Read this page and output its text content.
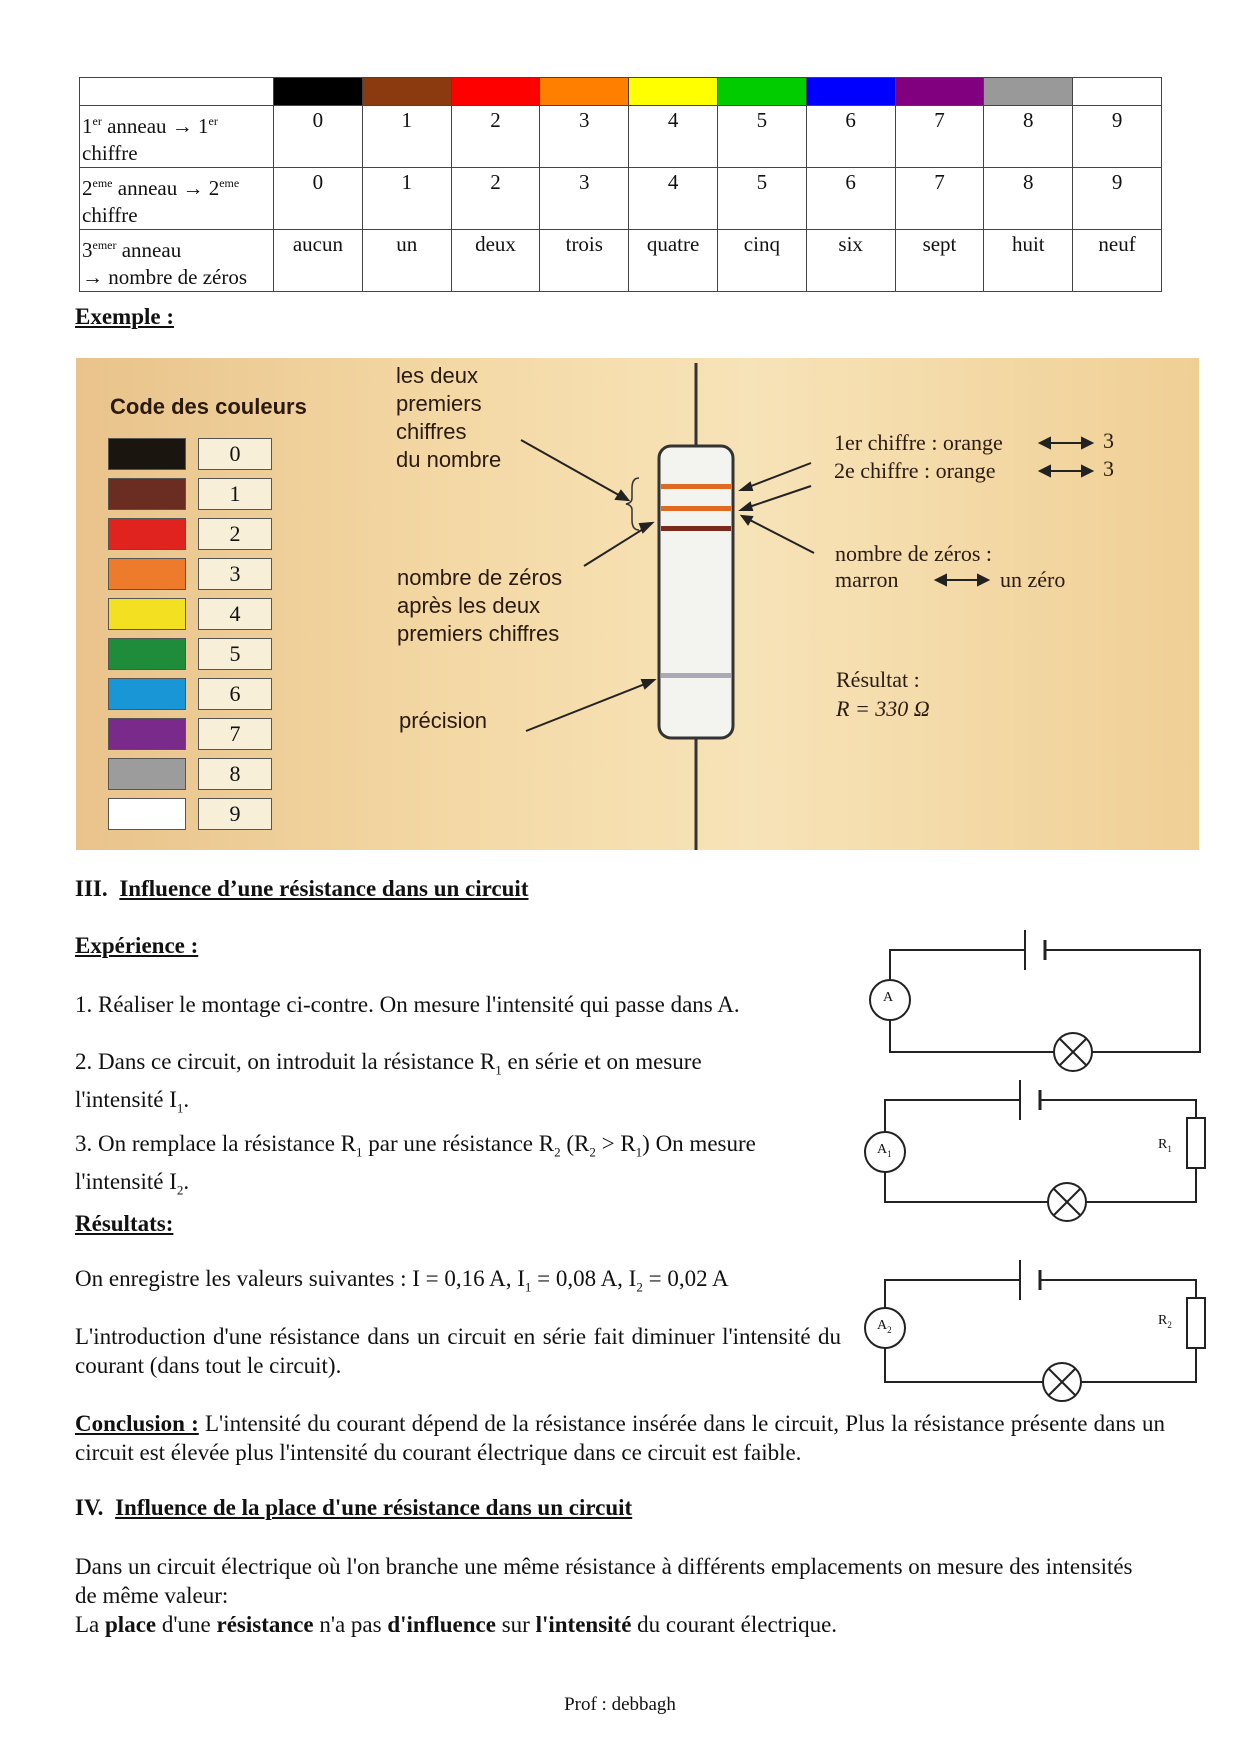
1er anneau → 1er
chiffre	0	1	2	3	4	5	6	7	8	9
2eme anneau → 2eme
chiffre	0	1	2	3	4	5	6	7	8	9
$3^{emer}$ anneau
→ nombre de zéros	aucun	un	deux	trois	quatre	cinq	six	sept	huit	neuf
Exemple :
Code des couleurs
0
1
2
3
4
5
6
7
8
9
les deux
premiers
chiffres
du nombre
nombre de zéros
après les deux
premiers chiffres
précision
1er chiffre : orange	3
2e chiffre : orange	3
nombre de zéros :
marron	un zéro
Résultat :
R = 330 Ω
III. Influence d’une résistance dans un circuit
Expérience :
1. Réaliser le montage ci-contre. On mesure l'intensité qui passe dans A.
2. Dans ce circuit, on introduit la résistance $R_1$ en série et on mesure
l'intensité $I_1$.
3. On remplace la résistance $R_1$ par une résistance $R_2$ $(R_2 > R_1)$ On mesure
l'intensité $I_2$.
Résultats:
On enregistre les valeurs suivantes : I = 0,16 A, $I_1 = 0,08$ A, $I_2 = 0,02$ A
L'introduction d'une résistance dans un circuit en série fait diminuer l'intensité du courant (dans tout le circuit).
Conclusion : L'intensité du courant dépend de la résistance insérée dans le circuit, Plus la résistance présente dans un circuit est élevée plus l'intensité du courant électrique dans ce circuit est faible.
A
$A_1$
$R_1$
$A_2$
$R_2$
IV. Influence de la place d'une résistance dans un circuit
Dans un circuit électrique où l'on branche une même résistance à différents emplacements on mesure des intensités de même valeur:
La place d'une résistance n'a pas d'influence sur l'intensité du courant électrique.
Prof : debbagh
